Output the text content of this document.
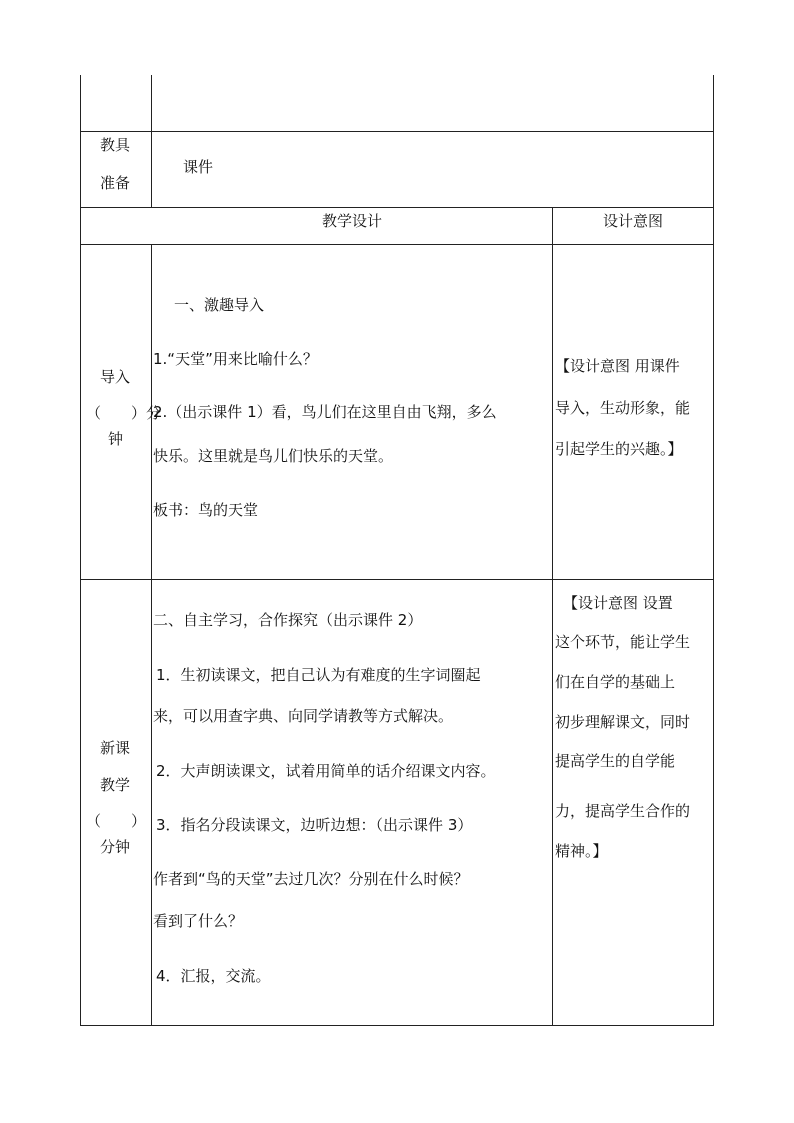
教具
准备
课件
教学设计	设计意图
导入
（　　）分
钟
一、激趣导入
1.“天堂”用来比喻什么？
2.（出示课件 1）看，鸟儿们在这里自由飞翔，多么
快乐。这里就是鸟儿们快乐的天堂。
板书：鸟的天堂
【设计意图 用课件
导入，生动形象，能
引起学生的兴趣。】
新课
教学
（　　）
分钟
二、自主学习，合作探究（出示课件 2）
1．生初读课文，把自己认为有难度的生字词圈起
来，可以用查字典、向同学请教等方式解决。
2．大声朗读课文，试着用简单的话介绍课文内容。
3．指名分段读课文，边听边想：（出示课件 3）
作者到“鸟的天堂”去过几次？分别在什么时候？
看到了什么？
4．汇报，交流。
【设计意图 设置
这个环节，能让学生
们在自学的基础上
初步理解课文，同时
提高学生的自学能
力，提高学生合作的
精神。】
